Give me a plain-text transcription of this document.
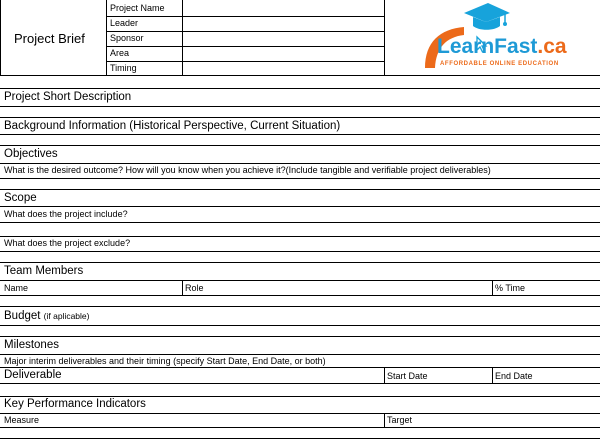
Project Brief
Project Name
Leader
Sponsor
Area
Timing
LearnFast.ca
AFFORDABLE ONLINE EDUCATION
Project Short Description
Background Information (Historical Perspective, Current Situation)
Objectives
What is the desired outcome? How will you know when you achieve it?(Include tangible and verifiable project deliverables)
Scope
What does the project include?
What does the project exclude?
Team Members
Name	Role	% Time
Budget (if aplicable)
Milestones
Major interim deliverables and their timing (specify Start Date, End Date, or both)
Deliverable	Start Date	End Date
Key Performance Indicators
Measure	Target
